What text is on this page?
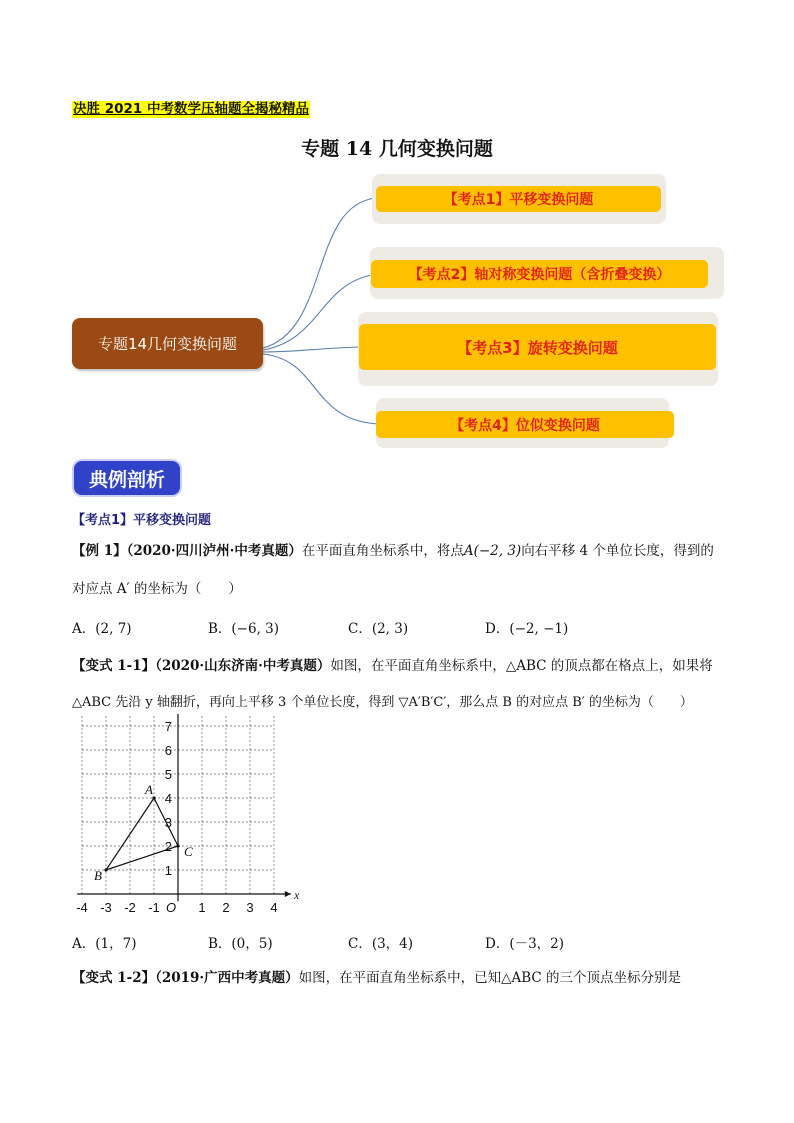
决胜 2021 中考数学压轴题全揭秘精品
专题 14 几何变换问题
专题14几何变换问题
【考点1】平移变换问题
【考点2】轴对称变换问题（含折叠变换）
【考点3】旋转变换问题
【考点4】位似变换问题
典例剖析
【考点1】平移变换问题
【例 1】（2020·四川泸州·中考真题）在平面直角坐标系中，将点A(−2, 3)向右平移 4 个单位长度，得到的
对应点 A′ 的坐标为（　　）
A．(2, 7)	B．(−6, 3)	C．(2, 3)	D．(−2, −1)
【变式 1-1】（2020·山东济南·中考真题）如图，在平面直角坐标系中，△ABC 的顶点都在格点上，如果将
△ABC 先沿 y 轴翻折，再向上平移 3 个单位长度，得到 ▽A′B′C′，那么点 B 的对应点 B′ 的坐标为（　　）
A
B
C
-4 -3 -2 -1 O 1 2 3 4
1
2
3
4
5
6
7
x
A．(1，7)	B．(0，5)	C．(3，4)	D．(－3，2)
【变式 1-2】（2019·广西中考真题）如图，在平面直角坐标系中，已知△ABC 的三个顶点坐标分别是
